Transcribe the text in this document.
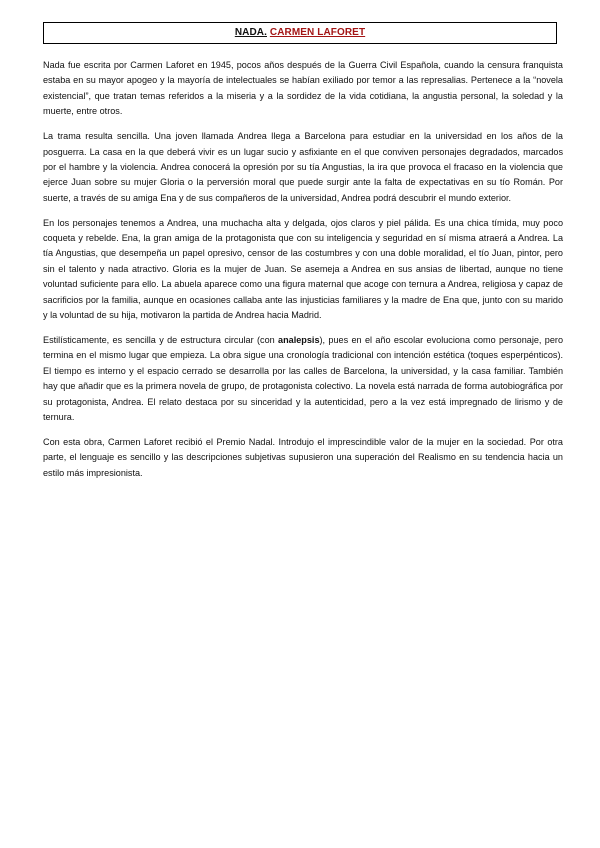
NADA. CARMEN LAFORET

Nada fue escrita por Carmen Laforet en 1945, pocos años después de la Guerra Civil Española, cuando la censura franquista estaba en su mayor apogeo y la mayoría de intelectuales se habían exiliado por temor a las represalias. Pertenece a la “novela existencial”, que tratan temas referidos a la miseria y a la sordidez de la vida cotidiana, la angustia personal, la soledad y la muerte, entre otros.

La trama resulta sencilla. Una joven llamada Andrea llega a Barcelona para estudiar en la universidad en los años de la posguerra. La casa en la que deberá vivir es un lugar sucio y asfixiante en el que conviven personajes degradados, marcados por el hambre y la violencia. Andrea conocerá la opresión por su tía Angustias, la ira que provoca el fracaso en la violencia que ejerce Juan sobre su mujer Gloria o la perversión moral que puede surgir ante la falta de expectativas en su tío Román. Por suerte, a través de su amiga Ena y de sus compañeros de la universidad, Andrea podrá descubrir el mundo exterior.

En los personajes tenemos a Andrea, una muchacha alta y delgada, ojos claros y piel pálida. Es una chica tímida, muy poco coqueta y rebelde. Ena, la gran amiga de la protagonista que con su inteligencia y seguridad en sí misma atraerá a Andrea. La tía Angustias, que desempeña un papel opresivo, censor de las costumbres y con una doble moralidad, el tío Juan, pintor, pero sin el talento y nada atractivo. Gloria es la mujer de Juan. Se asemeja a Andrea en sus ansias de libertad, aunque no tiene voluntad suficiente para ello. La abuela aparece como una figura maternal que acoge con ternura a Andrea, religiosa y capaz de sacrificios por la familia, aunque en ocasiones callaba ante las injusticias familiares y la madre de Ena que, junto con su marido y la voluntad de su hija, motivaron la partida de Andrea hacia Madrid.

Estilísticamente, es sencilla y de estructura circular (con analepsis), pues en el año escolar evoluciona como personaje, pero termina en el mismo lugar que empieza. La obra sigue una cronología tradicional con intención estética (toques esperpénticos). El tiempo es interno y el espacio cerrado se desarrolla por las calles de Barcelona, la universidad, y la casa familiar. También hay que añadir que es la primera novela de grupo, de protagonista colectivo. La novela está narrada de forma autobiográfica por su protagonista, Andrea. El relato destaca por su sinceridad y la autenticidad, pero a la vez está impregnado de lirismo y de ternura.

Con esta obra, Carmen Laforet recibió el Premio Nadal. Introdujo el imprescindible valor de la mujer en la sociedad. Por otra parte, el lenguaje es sencillo y las descripciones subjetivas supusieron una superación del Realismo en su tendencia hacia un estilo más impresionista.
